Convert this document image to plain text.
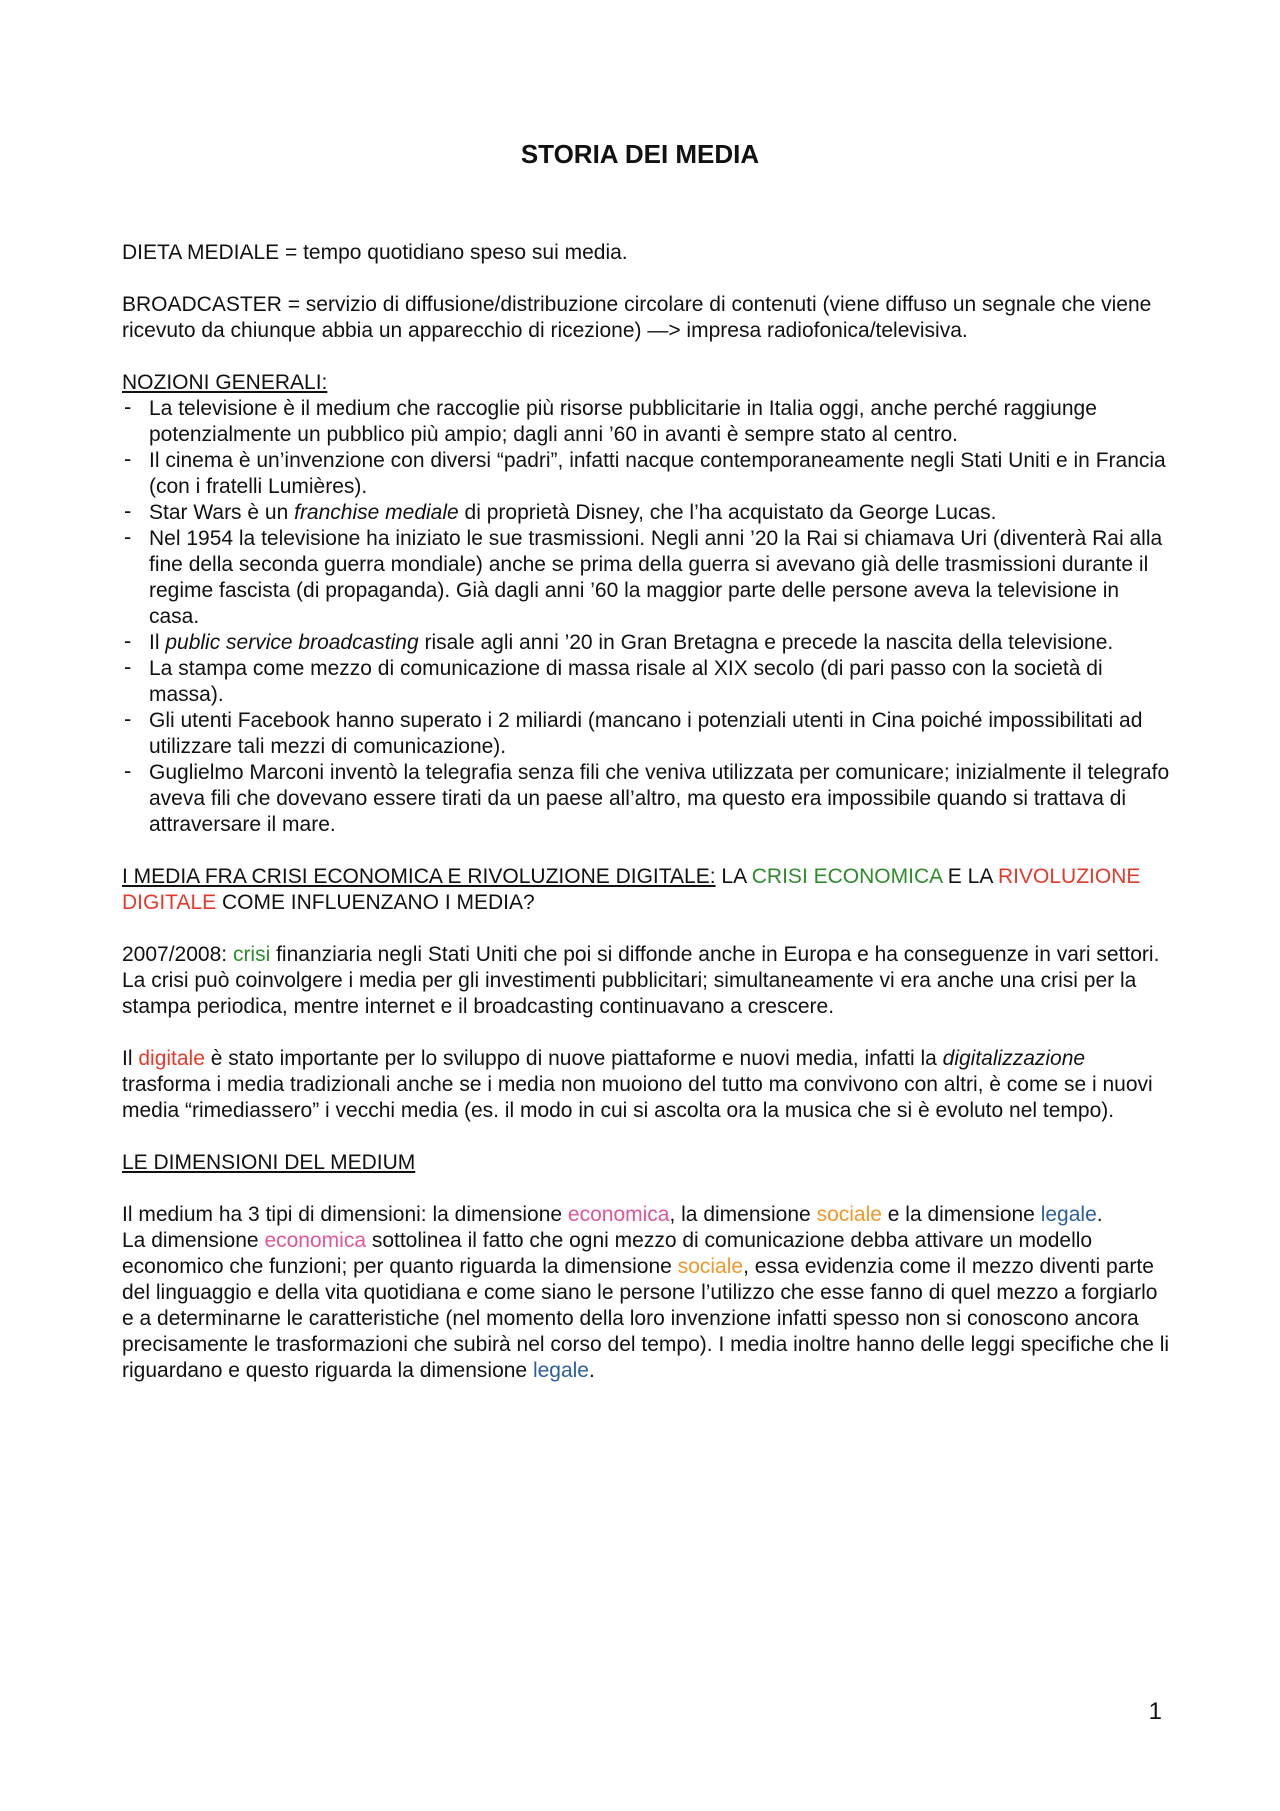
STORIA DEI MEDIA

DIETA MEDIALE = tempo quotidiano speso sui media.

BROADCASTER = servizio di diffusione/distribuzione circolare di contenuti (viene diffuso un segnale che viene ricevuto da chiunque abbia un apparecchio di ricezione) —> impresa radiofonica/televisiva.

NOZIONI GENERALI:

- La televisione è il medium che raccoglie più risorse pubblicitarie in Italia oggi, anche perché raggiunge potenzialmente un pubblico più ampio; dagli anni ’60 in avanti è sempre stato al centro.
- Il cinema è un’invenzione con diversi “padri”, infatti nacque contemporaneamente negli Stati Uniti e in Francia (con i fratelli Lumières).
- Star Wars è un franchise mediale di proprietà Disney, che l’ha acquistato da George Lucas.
- Nel 1954 la televisione ha iniziato le sue trasmissioni. Negli anni ’20 la Rai si chiamava Uri (diventerà Rai alla fine della seconda guerra mondiale) anche se prima della guerra si avevano già delle trasmissioni durante il regime fascista (di propaganda). Già dagli anni ’60 la maggior parte delle persone aveva la televisione in casa.
- Il public service broadcasting risale agli anni ’20 in Gran Bretagna e precede la nascita della televisione.
- La stampa come mezzo di comunicazione di massa risale al XIX secolo (di pari passo con la società di massa).
- Gli utenti Facebook hanno superato i 2 miliardi (mancano i potenziali utenti in Cina poiché impossibilitati ad utilizzare tali mezzi di comunicazione).
- Guglielmo Marconi inventò la telegrafia senza fili che veniva utilizzata per comunicare; inizialmente il telegrafo aveva fili che dovevano essere tirati da un paese all’altro, ma questo era impossibile quando si trattava di attraversare il mare.

I MEDIA FRA CRISI ECONOMICA E RIVOLUZIONE DIGITALE: LA CRISI ECONOMICA E LA RIVOLUZIONE DIGITALE COME INFLUENZANO I MEDIA?

2007/2008: crisi finanziaria negli Stati Uniti che poi si diffonde anche in Europa e ha conseguenze in vari settori. La crisi può coinvolgere i media per gli investimenti pubblicitari; simultaneamente vi era anche una crisi per la stampa periodica, mentre internet e il broadcasting continuavano a crescere.

Il digitale è stato importante per lo sviluppo di nuove piattaforme e nuovi media, infatti la digitalizzazione trasforma i media tradizionali anche se i media non muoiono del tutto ma convivono con altri, è come se i nuovi media “rimediassero” i vecchi media (es. il modo in cui si ascolta ora la musica che si è evoluto nel tempo).

LE DIMENSIONI DEL MEDIUM

Il medium ha 3 tipi di dimensioni: la dimensione economica, la dimensione sociale e la dimensione legale.

La dimensione economica sottolinea il fatto che ogni mezzo di comunicazione debba attivare un modello economico che funzioni; per quanto riguarda la dimensione sociale, essa evidenzia come il mezzo diventi parte del linguaggio e della vita quotidiana e come siano le persone l’utilizzo che esse fanno di quel mezzo a forgiarlo e a determinarne le caratteristiche (nel momento della loro invenzione infatti spesso non si conoscono ancora precisamente le trasformazioni che subirà nel corso del tempo). I media inoltre hanno delle leggi specifiche che li riguardano e questo riguarda la dimensione legale.

1
